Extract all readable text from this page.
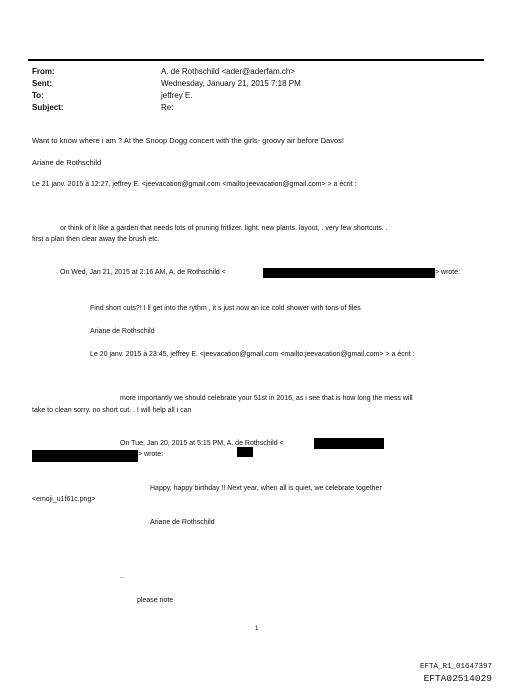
From:	A. de Rothschild <ader@aderfam.ch>
Sent:	Wednesday, January 21, 2015 7:18 PM
To:	jeffrey E.
Subject:	Re:
Want to know where i am ? At the Snoop Dogg concert with the girls- groovy air before Davos!
Ariane de Rothschild
Le 21 janv. 2015 à 12:27, jeffrey E. <jeevacation@gmail.com <mailto:jeevacation@gmail.com> > a écrit :
or think of it like a garden that needs lots of pruning fritlizer. light. new plants. layout, . very few shortcuts. .
first a plan then clear away the brush etc.
On Wed, Jan 21, 2015 at 2:16 AM, A. de Rothschild <	> wrote:
Find short cuts?! I ll get into the rythm , it s just now an ice cold shower with tons of files
Ariane de Rothschild
Le 20 janv. 2015 à 23:45, jeffrey E. <jeevacation@gmail.com <mailto:jeevacation@gmail.com> > a écrit :
more importantly we should celebrate your 51st in 2016, as i see that is how long the mess will
take to clean sorry. no short cut. . I will help all i can
On Tue, Jan 20, 2015 at 5:15 PM, A. de Rothschild <
> wrote:
Happy, happy birthday !! Next year, when all is quiet, we celebrate together
<emoji_u1f61c.png>
Ariane de Rothschild
..
please note
1
EFTA_R1_01647397
EFTA02514029
